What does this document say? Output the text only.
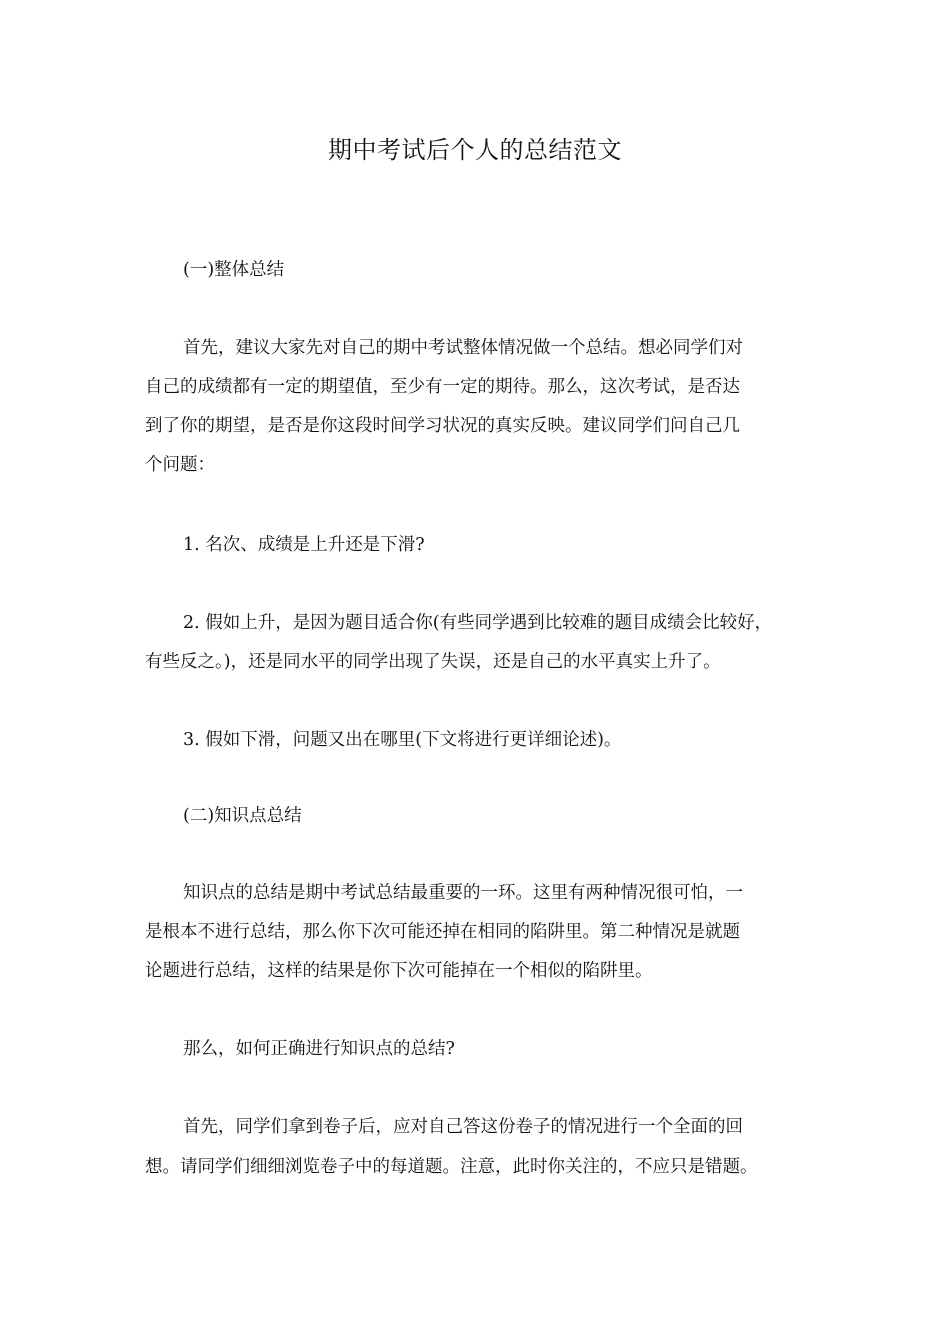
期中考试后个人的总结范文

(一)整体总结

首先，建议大家先对自己的期中考试整体情况做一个总结。想必同学们对

自己的成绩都有一定的期望值，至少有一定的期待。那么，这次考试，是否达

到了你的期望，是否是你这段时间学习状况的真实反映。建议同学们问自己几

个问题：

1. 名次、成绩是上升还是下滑?

2. 假如上升，是因为题目适合你(有些同学遇到比较难的题目成绩会比较好，

有些反之。)，还是同水平的同学出现了失误，还是自己的水平真实上升了。

3. 假如下滑，问题又出在哪里(下文将进行更详细论述)。

(二)知识点总结

知识点的总结是期中考试总结最重要的一环。这里有两种情况很可怕，一

是根本不进行总结，那么你下次可能还掉在相同的陷阱里。第二种情况是就题

论题进行总结，这样的结果是你下次可能掉在一个相似的陷阱里。

那么，如何正确进行知识点的总结?

首先，同学们拿到卷子后，应对自己答这份卷子的情况进行一个全面的回

想。请同学们细细浏览卷子中的每道题。注意，此时你关注的，不应只是错题。
